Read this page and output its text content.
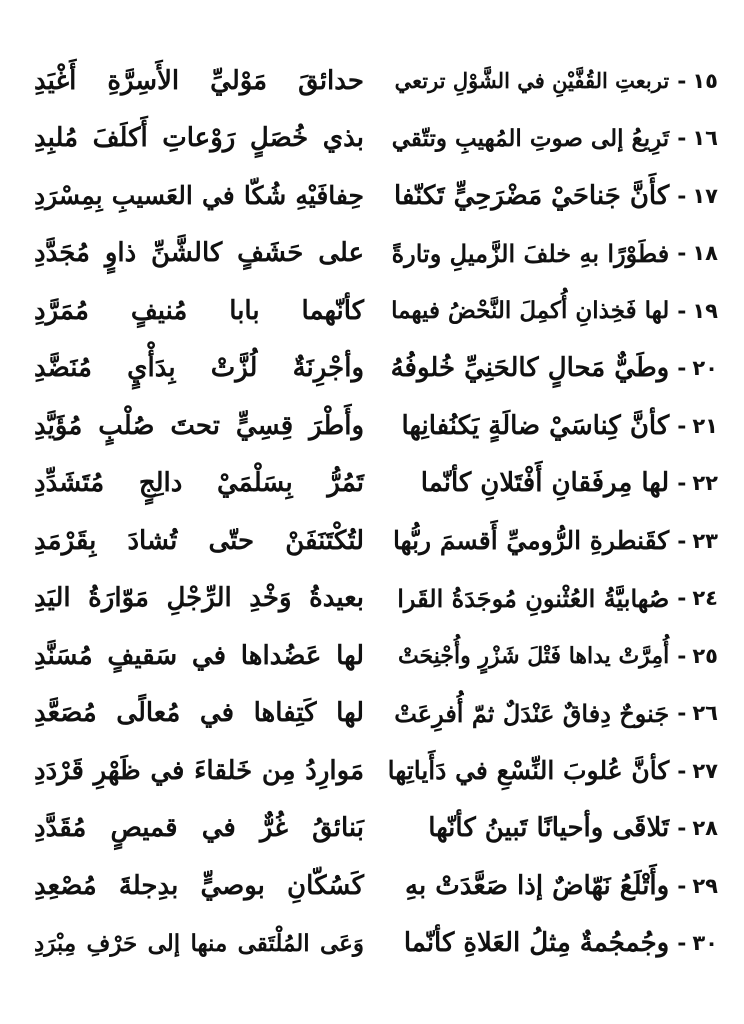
١٥
-
تربعتِ القُفَّيْنِ في الشَّوْلِ ترتعي
حدائقَ مَوْليِّ الأَسِرَّةِ أَغْيَدِ
١٦
-
تَرِيعُ إلى صوتِ المُهيبِ وتتّقي
بذي خُصَلٍ رَوْعاتِ أَكلَفَ مُلبِدِ
١٧
-
كأَنَّ جَناحَيْ مَضْرَحِيٍّ تَكنّفا
حِفافَيْهِ شُكّا في العَسيبِ بِمِسْرَدِ
١٨
-
فطَوْرًا بهِ خلفَ الزَّميلِ وتارةً
على حَشَفٍ كالشَّنِّ ذاوٍ مُجَدَّدِ
١٩
-
لها فَخِذانِ أُكمِلَ النَّحْضُ فيهما
كأنّهما بابا مُنيفٍ مُمَرَّدِ
٢٠
-
وطَيٌّ مَحالٍ كالحَنِيِّ خُلوفُهُ
وأجْرِنَةٌ لُزَّتْ بِدَأْيٍ مُنَضَّدِ
٢١
-
كأنَّ كِناسَيْ ضالَةٍ يَكنُفانِها
وأَطْرَ قِسِيٍّ تحتَ صُلْبٍ مُؤَيَّدِ
٢٢
-
لها مِرفَقانِ أَفْتَلانِ كأنّما
تَمُرُّ بِسَلْمَيْ دالِجٍ مُتَشَدِّدِ
٢٣
-
كقَنطرةِ الرُّوميِّ أَقسمَ ربُّها
لتُكْتَنَفَنْ حتّى تُشادَ بِقَرْمَدِ
٢٤
-
صُهابيَّةُ العُثْنونِ مُوجَدَةُ القَرا
بعيدةُ وَخْدِ الرِّجْلِ مَوّارَةُ اليَدِ
٢٥
-
أُمِرَّتْ يداها فَتْلَ شَزْرٍ وأُجْنِحَتْ
لها عَضُداها في سَقيفٍ مُسَنَّدِ
٢٦
-
جَنوحٌ دِفاقٌ عَنْدَلٌ ثمّ أُفرِعَتْ
لها كَتِفاها في مُعالًى مُصَعَّدِ
٢٧
-
كأنَّ عُلوبَ النِّسْعِ في دَأَياتِها
مَوارِدُ مِن خَلقاءَ في ظَهْرِ قَرْدَدِ
٢٨
-
تَلاقَى وأحيانًا تَبينُ كأنّها
بَنائقُ غُرٌّ في قميصٍ مُقَدَّدِ
٢٩
-
وأَتْلَعُ نَهّاضٌ إذا صَعَّدَتْ بهِ
كَسُكّانِ بوصيٍّ بدِجلةَ مُصْعِدِ
٣٠
-
وجُمجُمةٌ مِثلُ العَلاةِ كأنّما
وَعَى المُلْتَقى منها إلى حَرْفِ مِبْرَدِ
